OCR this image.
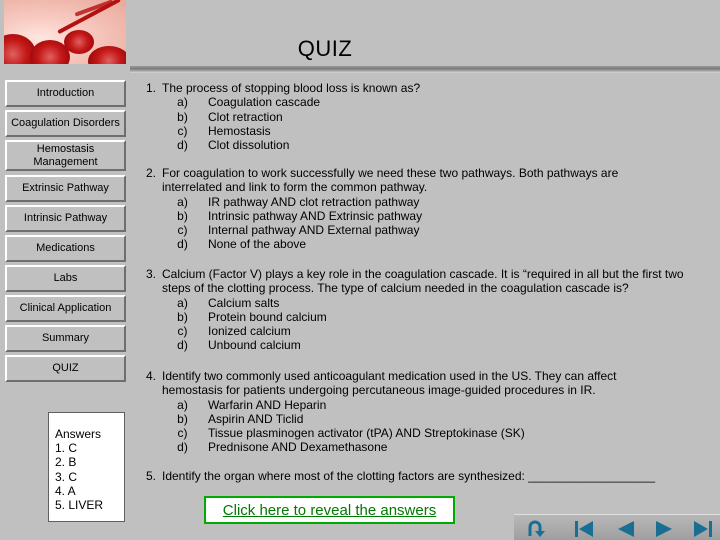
QUIZ
Introduction
Coagulation Disorders
Hemostasis Management
Extrinsic Pathway
Intrinsic Pathway
Medications
Labs
Clinical Application
Summary
QUIZ
Answers
1. C
2. B
3. C
4. A
5. LIVER
1. The process of stopping blood loss is known as?
a)	Coagulation cascade
b)	Clot retraction
c)	Hemostasis
d)	Clot dissolution
2. For coagulation to work successfully we need these two pathways. Both pathways are interrelated and link to form the common pathway.
a)	IR pathway AND clot retraction pathway
b)	Intrinsic pathway AND Extrinsic pathway
c)	Internal pathway AND External pathway
d)	None of the above
3. Calcium (Factor V) plays a key role in the coagulation cascade. It is “required in all but the first two steps of the clotting process. The type of calcium needed in the coagulation cascade is?
a)	Calcium salts
b)	Protein bound calcium
c)	Ionized calcium
d)	Unbound calcium
4. Identify two commonly used anticoagulant medication used in the US. They can affect hemostasis for patients undergoing percutaneous image-guided procedures in IR.
a)	Warfarin AND Heparin
b)	Aspirin AND Ticlid
c)	Tissue plasminogen activator (tPA) AND Streptokinase (SK)
d)	Prednisone AND Dexamethasone
5. Identify the organ where most of the clotting factors are synthesized: ___________________
Click here to reveal the answers
